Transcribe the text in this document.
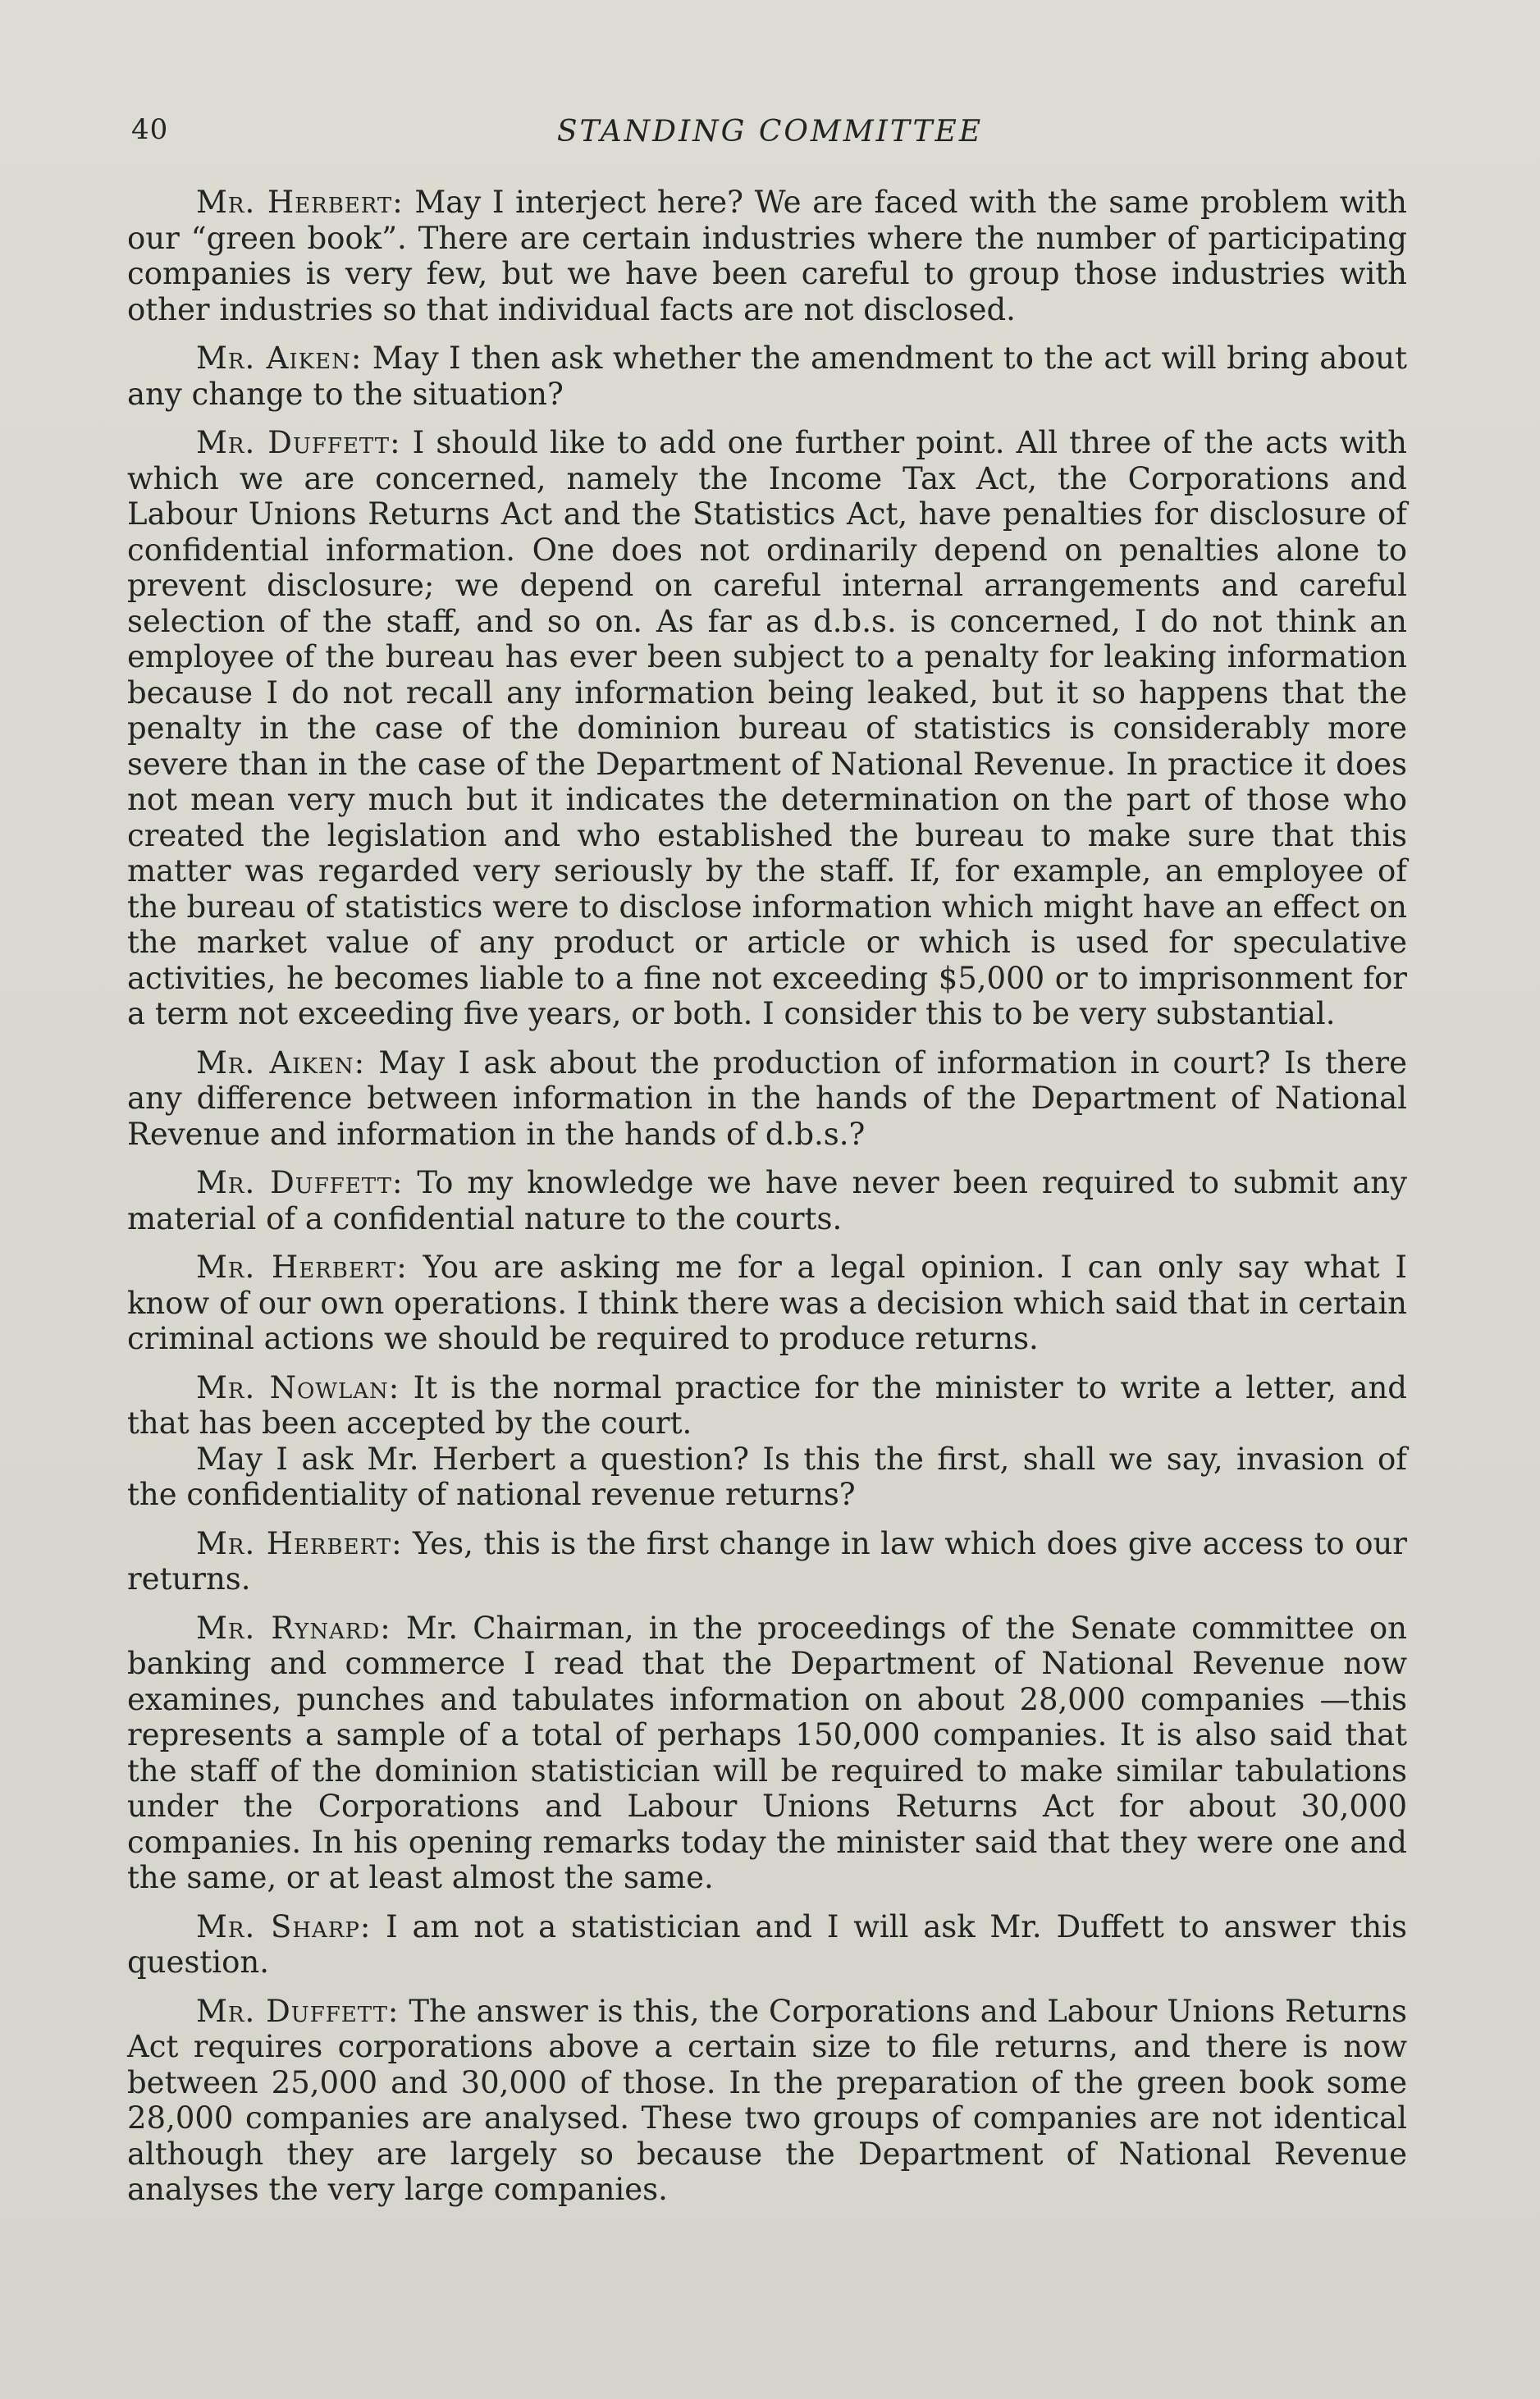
40	STANDING COMMITTEE

Mr. Herbert: May I interject here? We are faced with the same problem with our “green book”. There are certain industries where the number of participating companies is very few, but we have been careful to group those industries with other industries so that individual facts are not disclosed.

Mr. Aiken: May I then ask whether the amendment to the act will bring about any change to the situation?

Mr. Duffett: I should like to add one further point. All three of the acts with which we are concerned, namely the Income Tax Act, the Corporations and Labour Unions Returns Act and the Statistics Act, have penalties for disclosure of confidential information. One does not ordinarily depend on penalties alone to prevent disclosure; we depend on careful internal arrangements and careful selection of the staff, and so on. As far as d.b.s. is concerned, I do not think an employee of the bureau has ever been subject to a penalty for leaking information because I do not recall any information being leaked, but it so happens that the penalty in the case of the dominion bureau of statistics is considerably more severe than in the case of the Department of National Revenue. In practice it does not mean very much but it indicates the determination on the part of those who created the legislation and who established the bureau to make sure that this matter was regarded very seriously by the staff. If, for example, an employee of the bureau of statistics were to disclose information which might have an effect on the market value of any product or article or which is used for speculative activities, he becomes liable to a fine not exceeding $5,000 or to imprisonment for a term not exceeding five years, or both. I consider this to be very substantial.

Mr. Aiken: May I ask about the production of information in court? Is there any difference between information in the hands of the Department of National Revenue and information in the hands of d.b.s.?

Mr. Duffett: To my knowledge we have never been required to submit any material of a confidential nature to the courts.

Mr. Herbert: You are asking me for a legal opinion. I can only say what I know of our own operations. I think there was a decision which said that in certain criminal actions we should be required to produce returns.

Mr. Nowlan: It is the normal practice for the minister to write a letter, and that has been accepted by the court.

May I ask Mr. Herbert a question? Is this the first, shall we say, invasion of the confidentiality of national revenue returns?

Mr. Herbert: Yes, this is the first change in law which does give access to our returns.

Mr. Rynard: Mr. Chairman, in the proceedings of the Senate committee on banking and commerce I read that the Department of National Revenue now examines, punches and tabulates information on about 28,000 companies —this represents a sample of a total of perhaps 150,000 companies. It is also said that the staff of the dominion statistician will be required to make similar tabulations under the Corporations and Labour Unions Returns Act for about 30,000 companies. In his opening remarks today the minister said that they were one and the same, or at least almost the same.

Mr. Sharp: I am not a statistician and I will ask Mr. Duffett to answer this question.

Mr. Duffett: The answer is this, the Corporations and Labour Unions Returns Act requires corporations above a certain size to file returns, and there is now between 25,000 and 30,000 of those. In the preparation of the green book some 28,000 companies are analysed. These two groups of companies are not identical although they are largely so because the Department of National Revenue analyses the very large companies.
